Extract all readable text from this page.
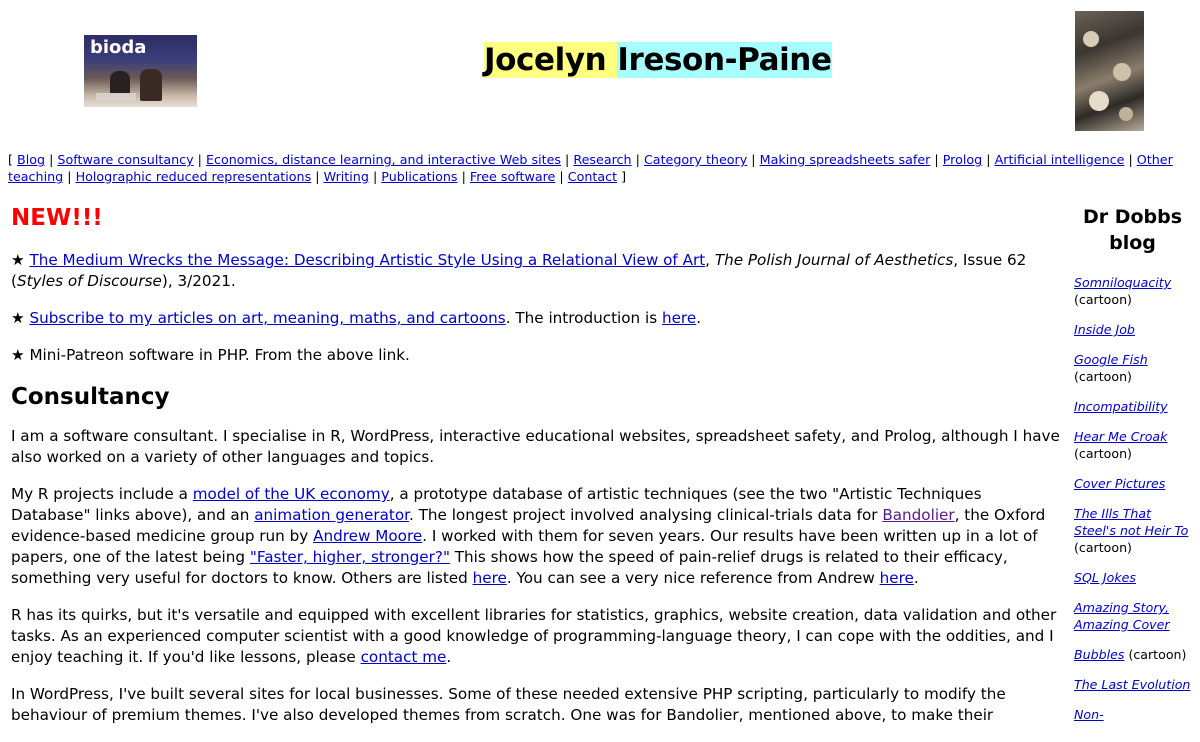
bioda	Jocelyn Ireson-Paine
[ Blog | Software consultancy | Economics, distance learning, and interactive Web sites | Research | Category theory | Making spreadsheets safer | Prolog | Artificial intelligence | Other teaching | Holographic reduced representations | Writing | Publications | Free software | Contact ]
NEW!!!

★ The Medium Wrecks the Message: Describing Artistic Style Using a Relational View of Art, The Polish Journal of Aesthetics, Issue 62 (Styles of Discourse), 3/2021.

★ Subscribe to my articles on art, meaning, maths, and cartoons. The introduction is here.

★ Mini-Patreon software in PHP. From the above link.

Consultancy

I am a software consultant. I specialise in R, WordPress, interactive educational websites, spreadsheet safety, and Prolog, although I have also worked on a variety of other languages and topics.

My R projects include a model of the UK economy, a prototype database of artistic techniques (see the two "Artistic Techniques Database" links above), and an animation generator. The longest project involved analysing clinical-trials data for Bandolier, the Oxford evidence-based medicine group run by Andrew Moore. I worked with them for seven years. Our results have been written up in a lot of papers, one of the latest being "Faster, higher, stronger?" This shows how the speed of pain-relief drugs is related to their efficacy, something very useful for doctors to know. Others are listed here. You can see a very nice reference from Andrew here.

R has its quirks, but it's versatile and equipped with excellent libraries for statistics, graphics, website creation, data validation and other tasks. As an experienced computer scientist with a good knowledge of programming-language theory, I can cope with the oddities, and I enjoy teaching it. If you'd like lessons, please contact me.

In WordPress, I've built several sites for local businesses. Some of these needed extensive PHP scripting, particularly to modify the behaviour of premium themes. I've also developed themes from scratch. One was for Bandolier, mentioned above, to make their

Dr Dobbs blog
Somniloquacity
(cartoon)
Inside Job
Google Fish
(cartoon)
Incompatibility
Hear Me Croak
(cartoon)
Cover Pictures
The Ills That Steel's not Heir To
(cartoon)
SQL Jokes
Amazing Story, Amazing Cover
Bubbles (cartoon)
The Last Evolution
Non-
